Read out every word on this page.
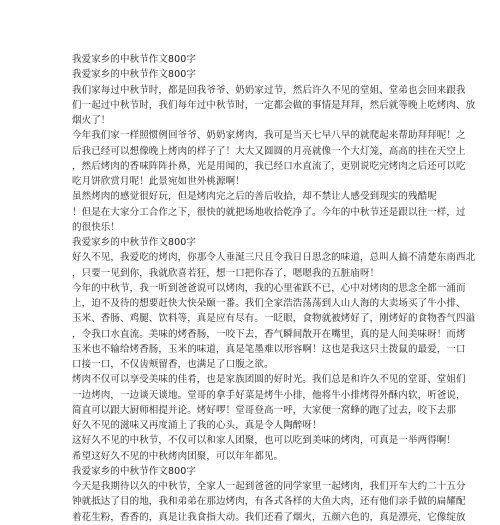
我爱家乡的中秋节作文800字
我爱家乡的中秋节作文800字
我们家每过中秋节时，都是回我爷爷、奶奶家过节，然后许久不见的堂姐、堂弟也会回来跟我
们一起过中秋节时，我们每年过中秋节时，一定都会做的事情是拜拜，然后就等晚上吃烤肉、放
烟火了！
今年我们家一样照惯例回爷爷、奶奶家烤肉，我可是当天七早八早的就爬起来帮助拜拜呢！之
后我已经可以想像晚上烤肉的样子了！大大又圆圆的月亮就像一个大灯笼，高高的挂在天空上
，然后烤肉的香味阵阵扑鼻，光是用闻的，我已经口水直流了，更别说吃完烤肉之后还可以吃
吃月饼欣赏月呢！此景宛如世外桃源啊！
虽然烤肉的感觉很好玩，但是烤肉完之后的善后收拾，却不禁让人感受到现实的残酷呢
！但是在大家分工合作之下，很快的就把场地收拾乾净了。今年的中秋节还是跟以往一样，过
的很快乐！
我爱家乡的中秋节作文800字
好久不见，我爱吃的烤肉，你那令人垂涎三尺且令我日日思念的味道，总叫人搞不清楚东南西北
，只要一见到你，我就欣喜若狂，想一口把你吞了，嗯嗯我的五脏庙呀！
今年的中秋节，我一听到爸爸说可以烤肉，我的心里雀跃不已，心中对烤肉的思念全都一涌而
上，迫不及待的想要赶快大快朵颐一番。我们全家浩浩荡荡到人山人海的大卖场买了牛小排、
玉米、香肠、鸡腿、饮料等，真是应有尽有。一眨眼，食物就被烤好了，刚烤好的食物香气四溢
，令我口水直流。美味的烤香肠，一咬下去，香气瞬间散开在嘴里，真的是人间美味呀！而烤
玉米也不输给烤香肠，玉米的味道，真是笔墨难以形容啊！这也是我这只土拨鼠的最爱，一口
口接一口，不仅齿颊留香，也满足了口腹之欲。
烤肉不仅可以享受美味的佳肴，也是家族团圆的好时光。我们总是和许久不见的堂哥、堂姐们
一边烤肉，一边谈天谈地。堂哥的拿手好菜是烤牛小排，他将牛小排烤得外酥内软，听爸说，
简直可以跟大厨师相提并论。烤好啰！堂哥登高一呼，大家便一窝蜂的跑了过去，咬下去那
好久不见的滋味又再度涌上了我的心头，真是令人陶醉呀！
这好久不见的中秋节，不仅可以和家人团聚，也可以吃到美味的烤肉，可真是一举两得啊！
希望这好久不见的中秋烤肉团聚，可以年年都见。
我爱家乡的中秋节作文800字
今天是我期待以久的中秋节，全家人一起到爸爸的同学家里一起烤肉，我们开车大约二十五分
钟就抵达了目的地，我和弟弟在那边烤肉，有各式各样的大鱼大肉，还有他们亲手做的扁耀配
着花生粉，香香的，真是让我食指大动。我们还看了烟火，五颜六色的，真是漂亮，它像绽放
